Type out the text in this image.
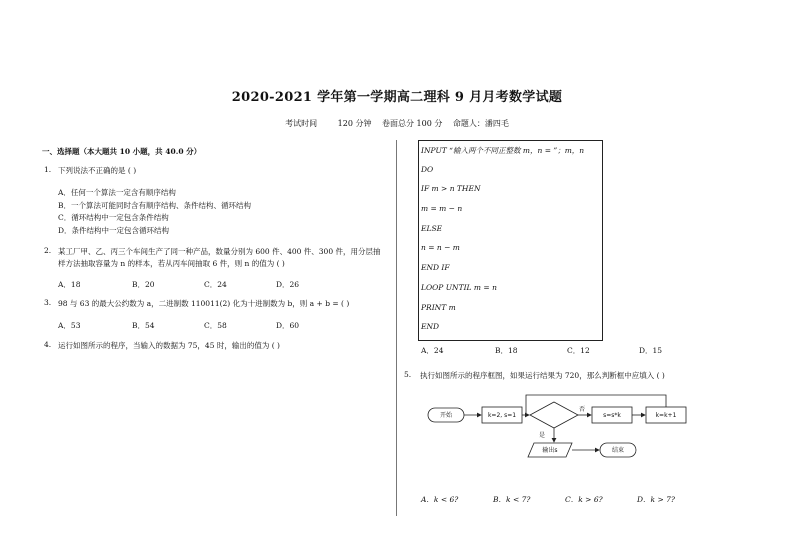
2020-2021 学年第一学期高二理科 9 月月考数学试题
考试时间	120 分钟 卷面总分 100 分 命题人：潘四毛
一、选择题（本大题共 10 小题，共 40.0 分）
1. 下列说法不正确的是 ( )
A．任何一个算法一定含有顺序结构
B．一个算法可能同时含有顺序结构、条件结构、循环结构
C．循环结构中一定包含条件结构
D．条件结构中一定包含循环结构
2. 某工厂甲、乙、丙三个车间生产了同一种产品，数量分别为 600 件、400 件、300 件，用分层抽
样方法抽取容量为 n 的样本，若从丙车间抽取 6 件，则 n 的值为 ( )
A．18	B．20	C．24	D．26
3. 98 与 63 的最大公约数为 a，二进制数 110011(2) 化为十进制数为 b，则 a + b = ( )
A．53	B．54	C．58	D．60
4. 运行如图所示的程序，当输入的数据为 75，45 时，输出的值为 ( )
INPUT “输入两个不同正整数 m，n = ”；m，n
DO
IF m > n THEN
m = m − n
ELSE
n = n − m
END IF
LOOP UNTIL m = n
PRINT m
END
A．24	B．18	C．12	D．15
5. 执行如图所示的程序框图，如果运行结果为 720，那么判断框中应填入 ( )
开始	k=2, s=1
否
s=s*k	k=k+1
是
输出s	结束
A．k < 6?	B．k < 7?	C．k > 6?	D．k > 7?
